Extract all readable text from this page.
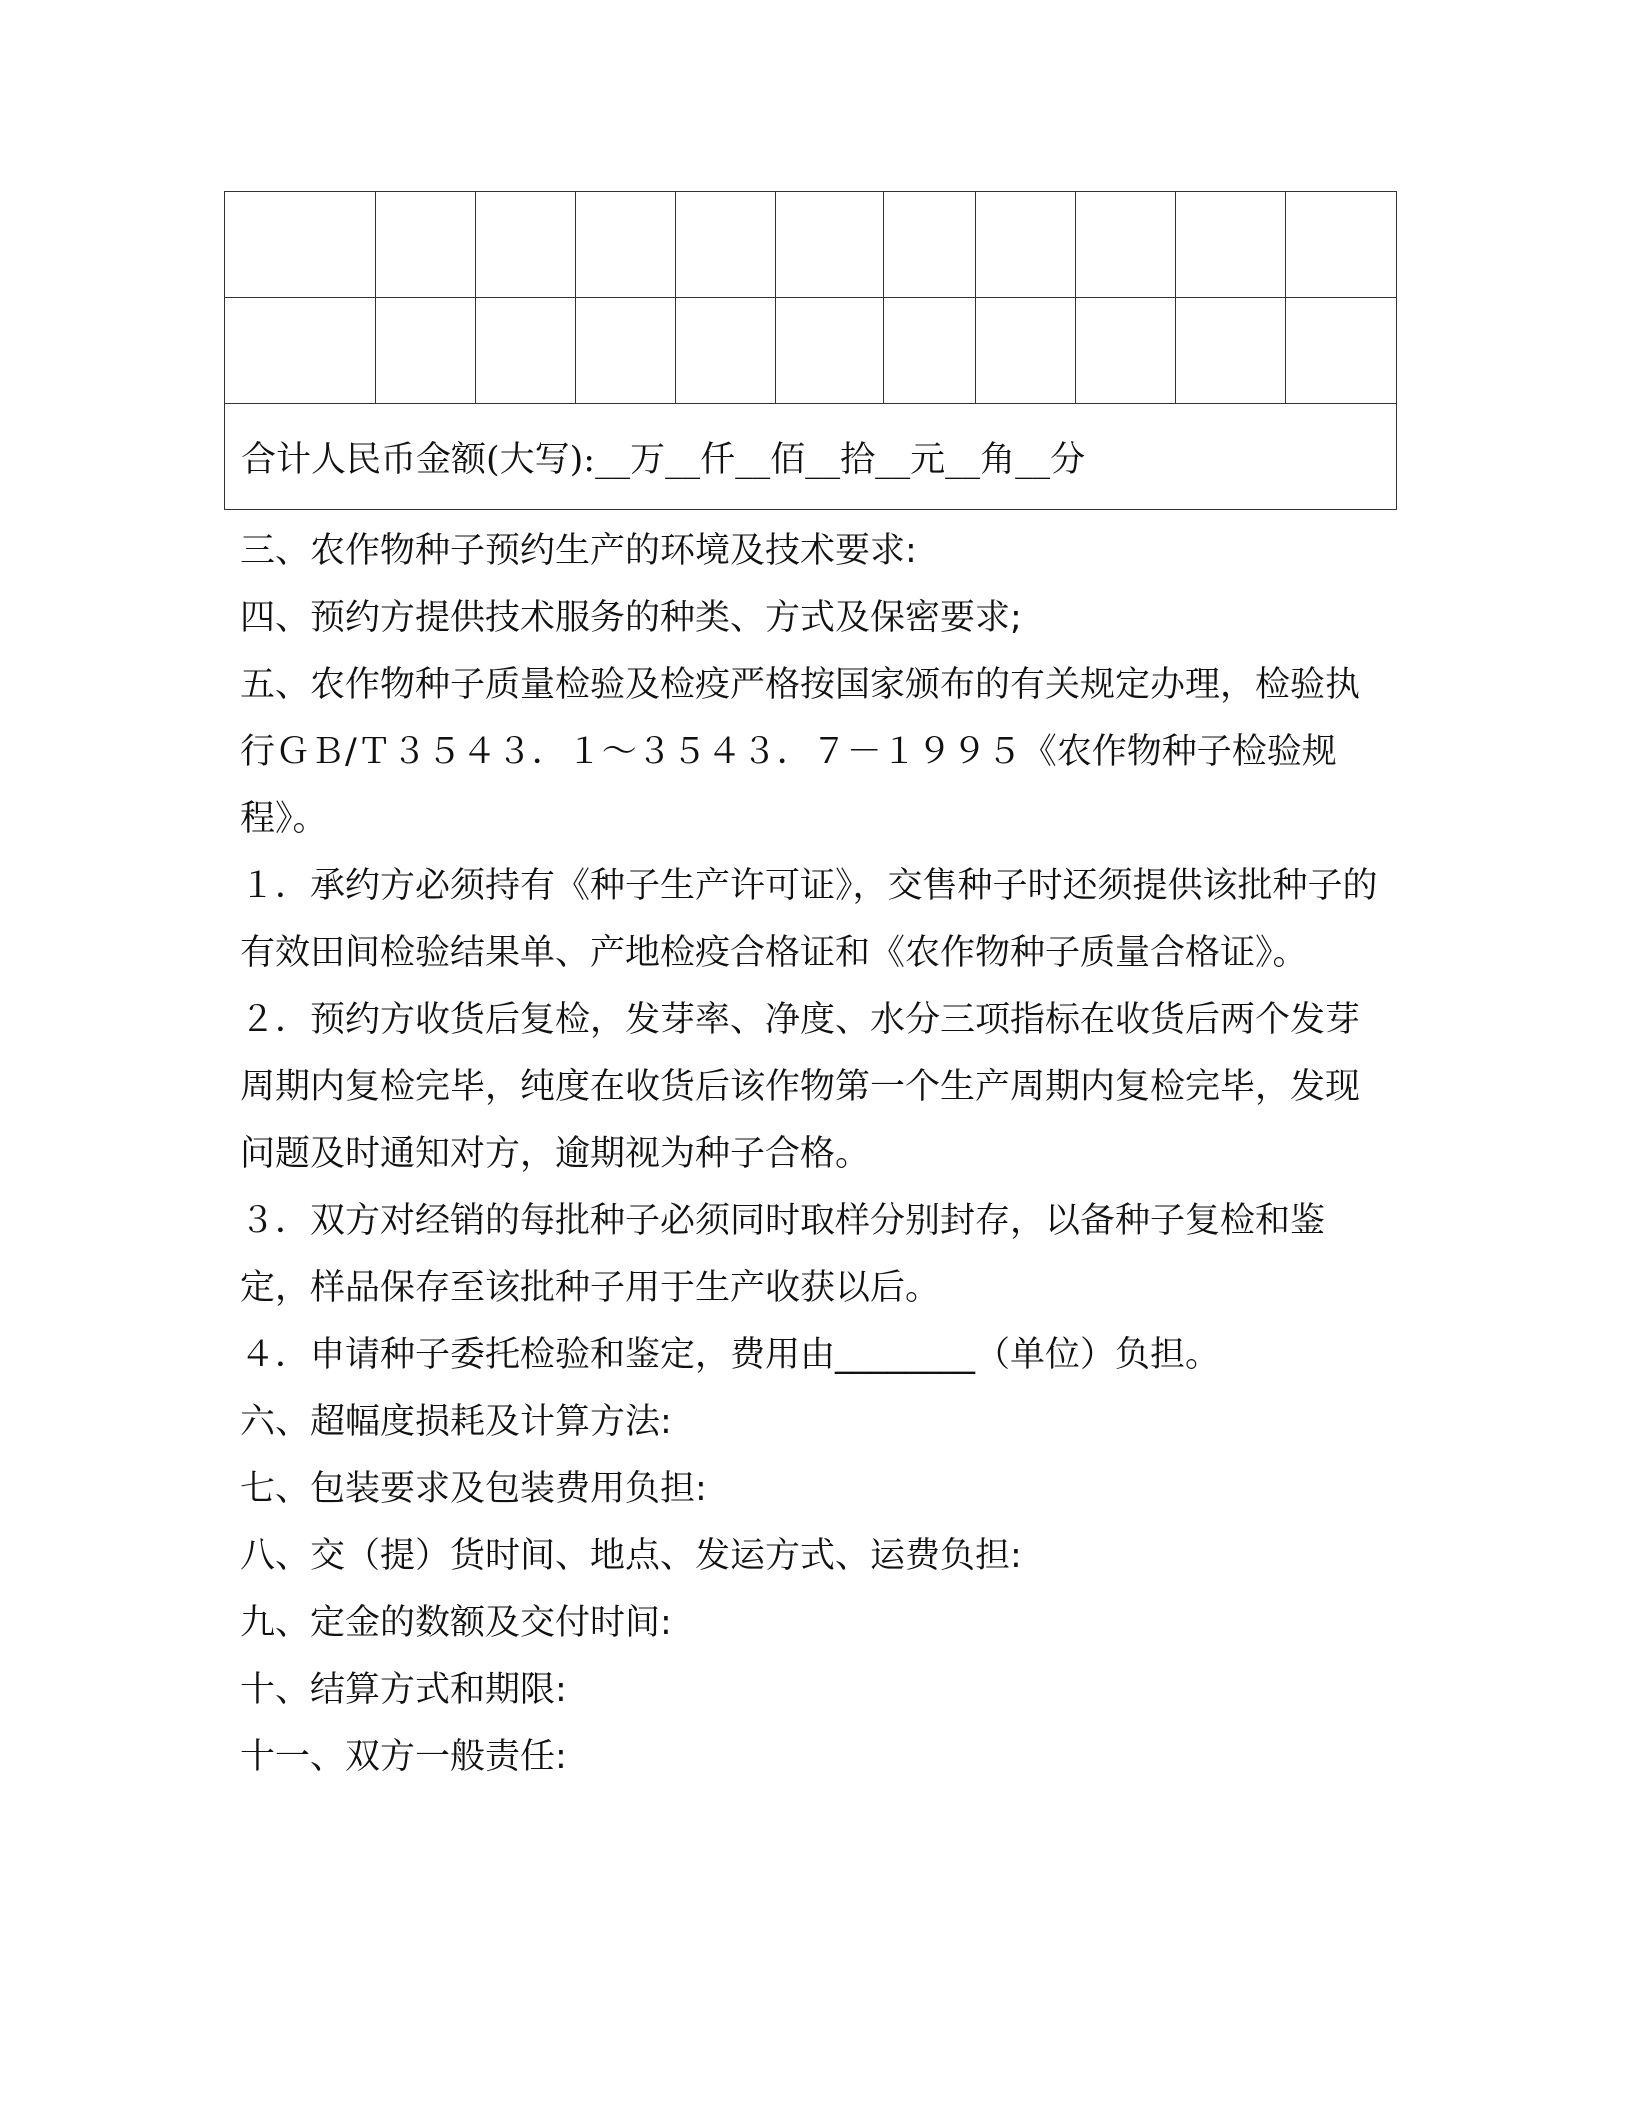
合计人民币金额(大写):__万__仟__佰__拾__元__角__分										

三、农作物种子预约生产的环境及技术要求:

四、预约方提供技术服务的种类、方式及保密要求;

五、农作物种子质量检验及检疫严格按国家颁布的有关规定办理，检验执行ＧＢ/Ｔ３５４３．１～３５４３．７－１９９５《农作物种子检验规程》。

１．承约方必须持有《种子生产许可证》，交售种子时还须提供该批种子的有效田间检验结果单、产地检疫合格证和《农作物种子质量合格证》。

２．预约方收货后复检，发芽率、净度、水分三项指标在收货后两个发芽周期内复检完毕，纯度在收货后该作物第一个生产周期内复检完毕，发现问题及时通知对方，逾期视为种子合格。

３．双方对经销的每批种子必须同时取样分别封存，以备种子复检和鉴定，样品保存至该批种子用于生产收获以后。

４．申请种子委托检验和鉴定，费用由________（单位）负担。

六、超幅度损耗及计算方法:

七、包装要求及包装费用负担:

八、交（提）货时间、地点、发运方式、运费负担:

九、定金的数额及交付时间:

十、结算方式和期限:

十一、双方一般责任:
